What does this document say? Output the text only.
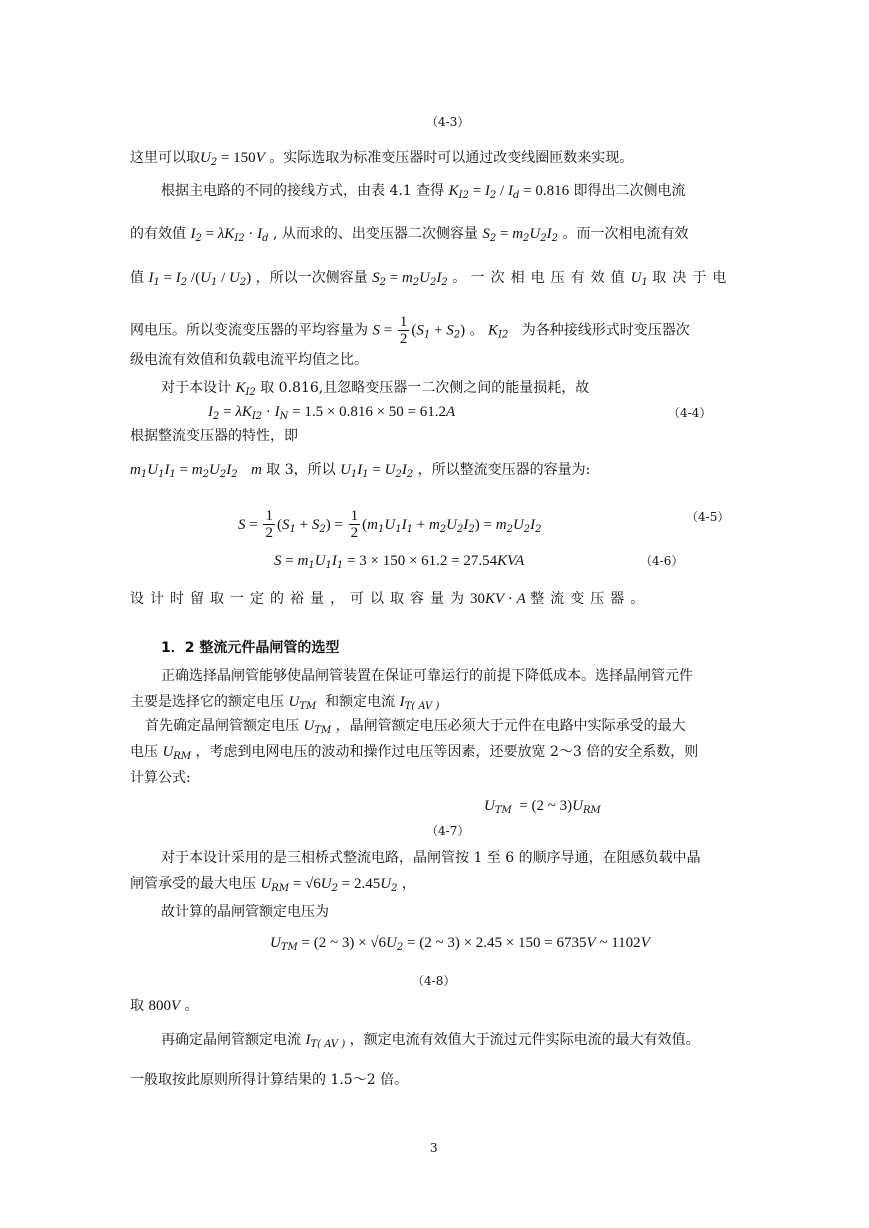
（4-3）
这里可以取$U_2 = 150V$ 。实际选取为标准变压器时可以通过改变线圈匝数来实现。
根据主电路的不同的接线方式，由表 4.1 查得 $K_{I2} = I_2 / I_d = 0.816$ 即得出二次侧电流
的有效值 $I_2 = \lambda K_{I2} \cdot I_d$ , 从而求的、出变压器二次侧容量 $S_2 = m_2U_2I_2$ 。而一次相电流有效
值 $I_1 = I_2$ $/(U_1 / U_2)$ ，所以一次侧容量 $S_2 = m_2U_2I_2$ 。 一次相电压有效值$U_1$ 取决于电
网电压。所以变流变压器的平均容量为 $S = \frac{1}{2} (S_1 + S_2)$ 。 $K_{I2}$   为各种接线形式时变压器次
级电流有效值和负载电流平均值之比。
对于本设计 $K_{I2}$ 取 0.816,且忽略变压器一二次侧之间的能量损耗，故
$I_2 = \lambda K_{I2} \cdot I_N = 1.5 \times 0.816 \times 50 = 61.2A$	（4-4）
根据整流变压器的特性，即
$m_1U_1I_1 = m_2U_2I_2$ m 取 3，所以 $U_1I_1 = U_2I_2$ ，所以整流变压器的容量为:
$S = \frac{1}{2} (S_1 + S_2) = \frac{1}{2} (m_1U_1I_1 + m_2U_2I_2) = m_2U_2I_2$
（4-5）
$S = m_1U_1I_1 = 3 \times 150 \times 61.2 = 27.54KVA$	（4-6）
设计时留取一定的裕量，可以取容量为30KV · A 整流变压器。
1．2 整流元件晶闸管的选型
正确选择晶闸管能够使晶闸管装置在保证可靠运行的前提下降低成本。选择晶闸管元件
主要是选择它的额定电压 $U_{TM}$  和额定电流 $I_{T( AV )}$
首先确定晶闸管额定电压 $U_{TM}$ ，晶闸管额定电压必须大于元件在电路中实际承受的最大
电压 $U_{RM}$ ，考虑到电网电压的波动和操作过电压等因素，还要放宽 2～3 倍的安全系数，则
计算公式:
$U_{TM} = (2$ ~ $3)U_{RM}$
（4-7）
对于本设计采用的是三相桥式整流电路，晶闸管按 1 至 6 的顺序导通，在阻感负载中晶
闸管承受的最大电压 $U_{RM} = √6U_2 = 2.45U_2$ ，
故计算的晶闸管额定电压为
$U_{TM} = (2$ ~ $3) \times √6U_2 = (2$ ~ 3) × 2.45 × 150 = 6735V ~ 1102V
（4-8）
取 800V 。
再确定晶闸管额定电流 $I_{T( AV )}$ ，额定电流有效值大于流过元件实际电流的最大有效值。
一般取按此原则所得计算结果的 1.5～2 倍。
3
